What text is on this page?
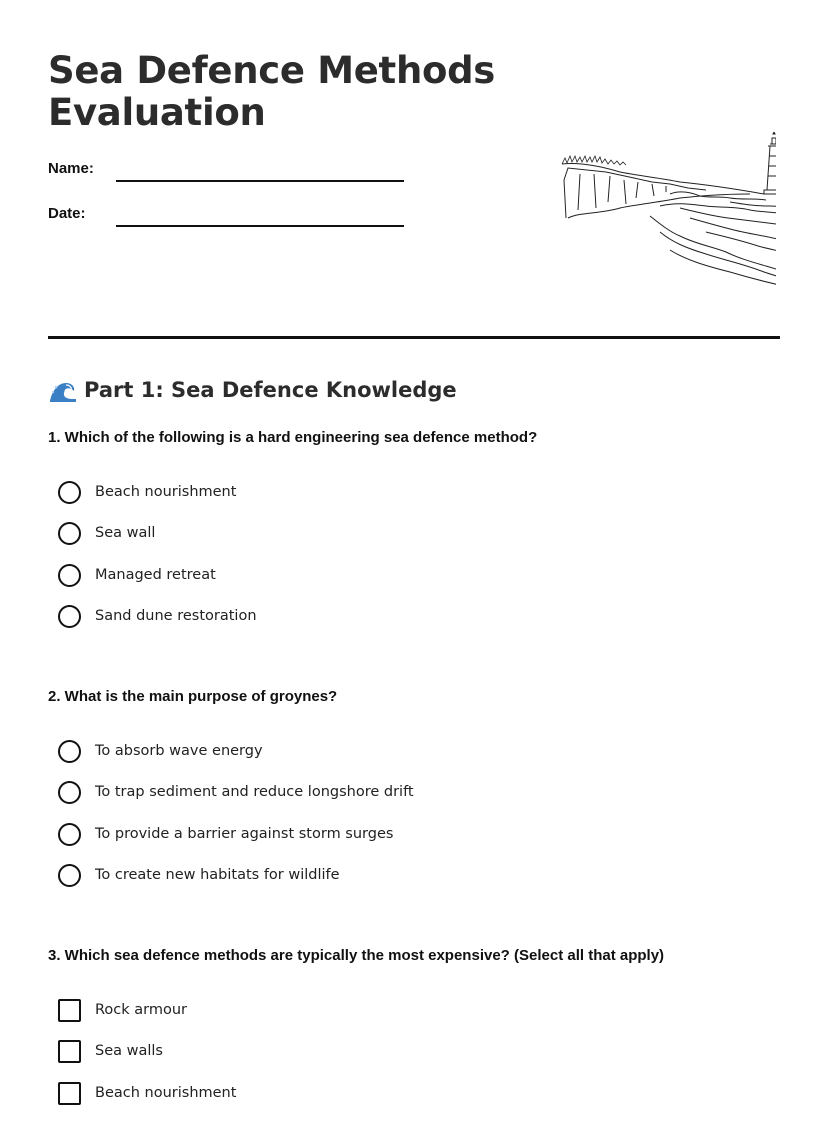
Sea Defence Methods
Evaluation
Name:
Date:
Part 1: Sea Defence Knowledge

1. Which of the following is a hard engineering sea defence method?

Beach nourishment
Sea wall
Managed retreat
Sand dune restoration

2. What is the main purpose of groynes?

To absorb wave energy
To trap sediment and reduce longshore drift
To provide a barrier against storm surges
To create new habitats for wildlife

3. Which sea defence methods are typically the most expensive? (Select all that apply)

Rock armour
Sea walls
Beach nourishment
